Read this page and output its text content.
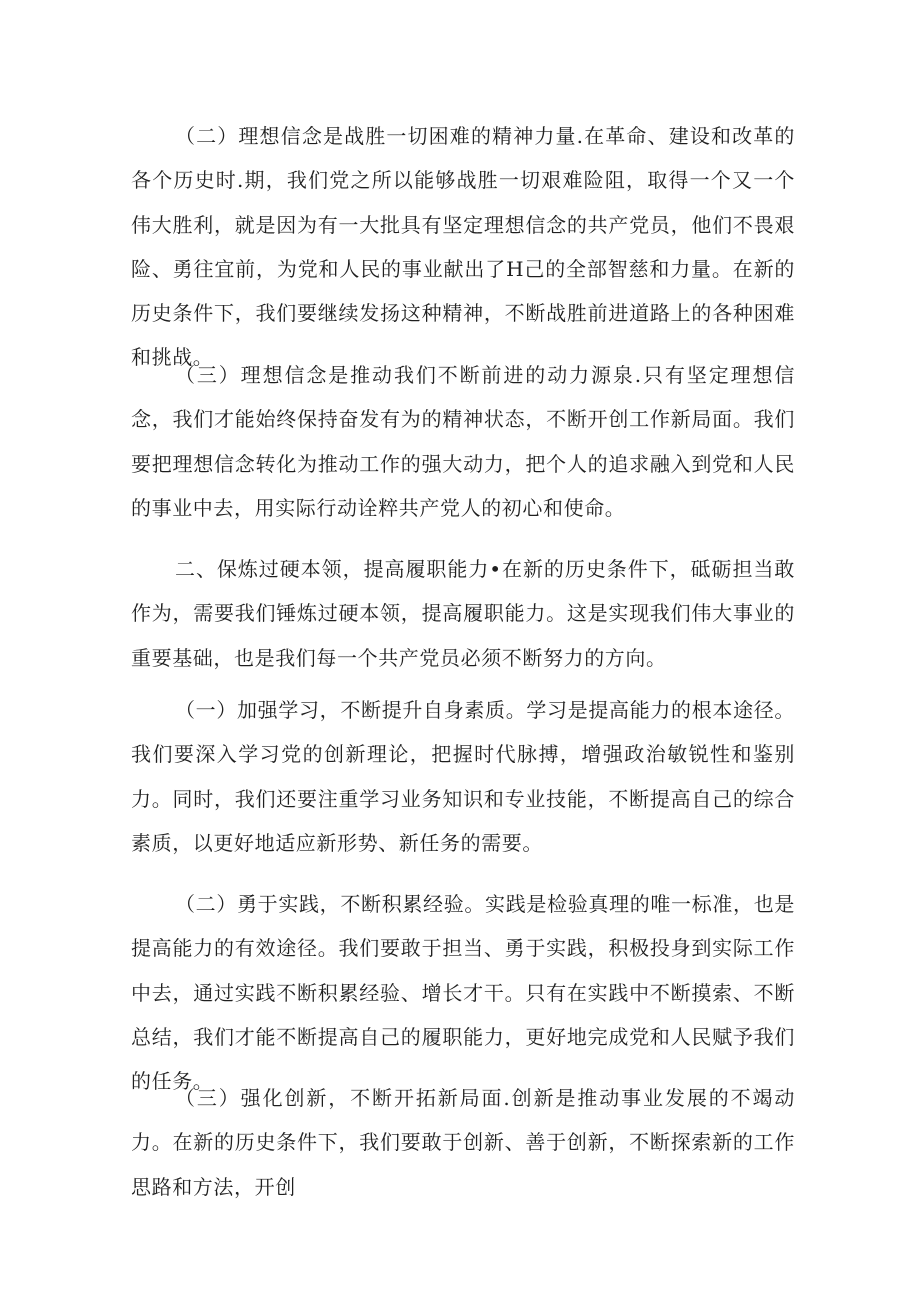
（二）理想信念是战胜一切困难的精神力量.在革命、建设和改革的各个历史时.期，我们党之所以能够战胜一切艰难险阻，取得一个又一个伟大胜利，就是因为有一大批具有坚定理想信念的共产党员，他们不畏艰险、勇往宜前，为党和人民的事业献出了H己的全部智慈和力量。在新的历史条件下，我们要继续发扬这种精神，不断战胜前进道路上的各种困难和挑战。

（三）理想信念是推动我们不断前进的动力源泉.只有坚定理想信念，我们才能始终保持奋发有为的精神状态，不断开创工作新局面。我们要把理想信念转化为推动工作的强大动力，把个人的追求融入到党和人民的事业中去，用实际行动诠粹共产党人的初心和使命。

二、保炼过硬本领，提高履职能力•在新的历史条件下，砥砺担当敢作为，需要我们锤炼过硬本领，提高履职能力。这是实现我们伟大事业的重要基础，也是我们每一个共产党员必须不断努力的方向。

（一）加强学习，不断提升自身素质。学习是提高能力的根本途径。我们要深入学习党的创新理论，把握时代脉搏，增强政治敏锐性和鉴别力。同时，我们还要注重学习业务知识和专业技能，不断提高自己的综合素质，以更好地适应新形势、新任务的需要。

（二）勇于实践，不断积累经验。实践是检验真理的唯一标准，也是提高能力的有效途径。我们要敢于担当、勇于实践，积极投身到实际工作中去，通过实践不断积累经验、增长才干。只有在实践中不断摸索、不断总结，我们才能不断提高自己的履职能力，更好地完成党和人民赋予我们的任务。

（三）强化创新，不断开拓新局面.创新是推动事业发展的不竭动力。在新的历史条件下，我们要敢于创新、善于创新，不断探索新的工作思路和方法，开创
